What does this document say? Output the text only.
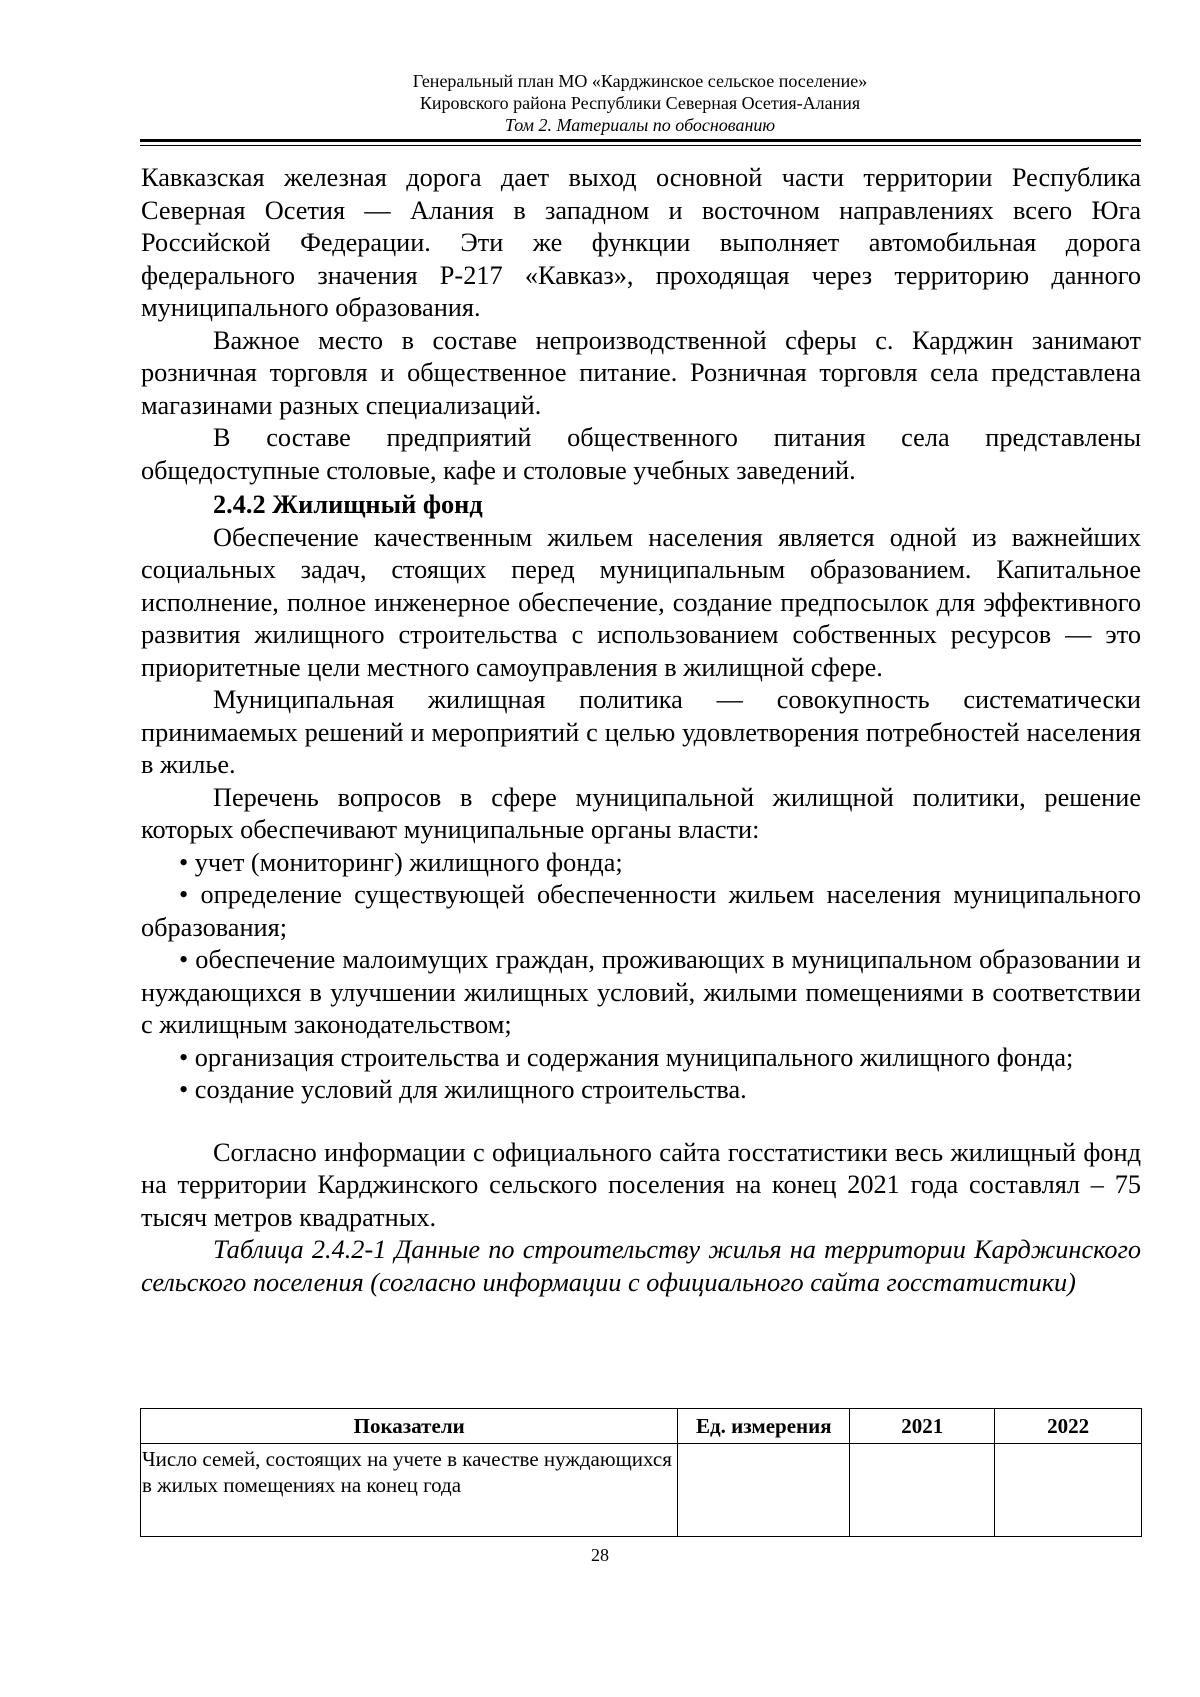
Генеральный план МО «Карджинское сельское поселение»
Кировского района Республики Северная Осетия-Алания
Том 2. Материалы по обоснованию

Кавказская железная дорога дает выход основной части территории Республика Северная Осетия — Алания в западном и восточном направлениях всего Юга Российской Федерации. Эти же функции выполняет автомобильная дорога федерального значения Р-217 «Кавказ», проходящая через территорию данного муниципального образования.

Важное место в составе непроизводственной сферы с. Карджин занимают розничная торговля и общественное питание. Розничная торговля села представлена магазинами разных специализаций.

В составе предприятий общественного питания села представлены общедоступные столовые, кафе и столовые учебных заведений.

2.4.2 Жилищный фонд

Обеспечение качественным жильем населения является одной из важнейших социальных задач, стоящих перед муниципальным образованием. Капитальное исполнение, полное инженерное обеспечение, создание предпосылок для эффективного развития жилищного строительства с использованием собственных ресурсов — это приоритетные цели местного самоуправления в жилищной сфере.

Муниципальная жилищная политика — совокупность систематически принимаемых решений и мероприятий с целью удовлетворения потребностей населения в жилье.

Перечень вопросов в сфере муниципальной жилищной политики, решение которых обеспечивают муниципальные органы власти:

• учет (мониторинг) жилищного фонда;

• определение существующей обеспеченности жильем населения муниципального образования;

• обеспечение малоимущих граждан, проживающих в муниципальном образовании и нуждающихся в улучшении жилищных условий, жилыми помещениями в соответствии с жилищным законодательством;

• организация строительства и содержания муниципального жилищного фонда;

• создание условий для жилищного строительства.

Согласно информации с официального сайта госстатистики весь жилищный фонд на территории Карджинского сельского поселения на конец 2021 года составлял – 75 тысяч метров квадратных.

Таблица 2.4.2-1 Данные по строительству жилья на территории Карджинского сельского поселения (согласно информации с официального сайта госстатистики)

Показатели	Ед. измерения	2021	2022
Число семей, состоящих на учете в качестве нуждающихся в жилых помещениях на конец года			
28
